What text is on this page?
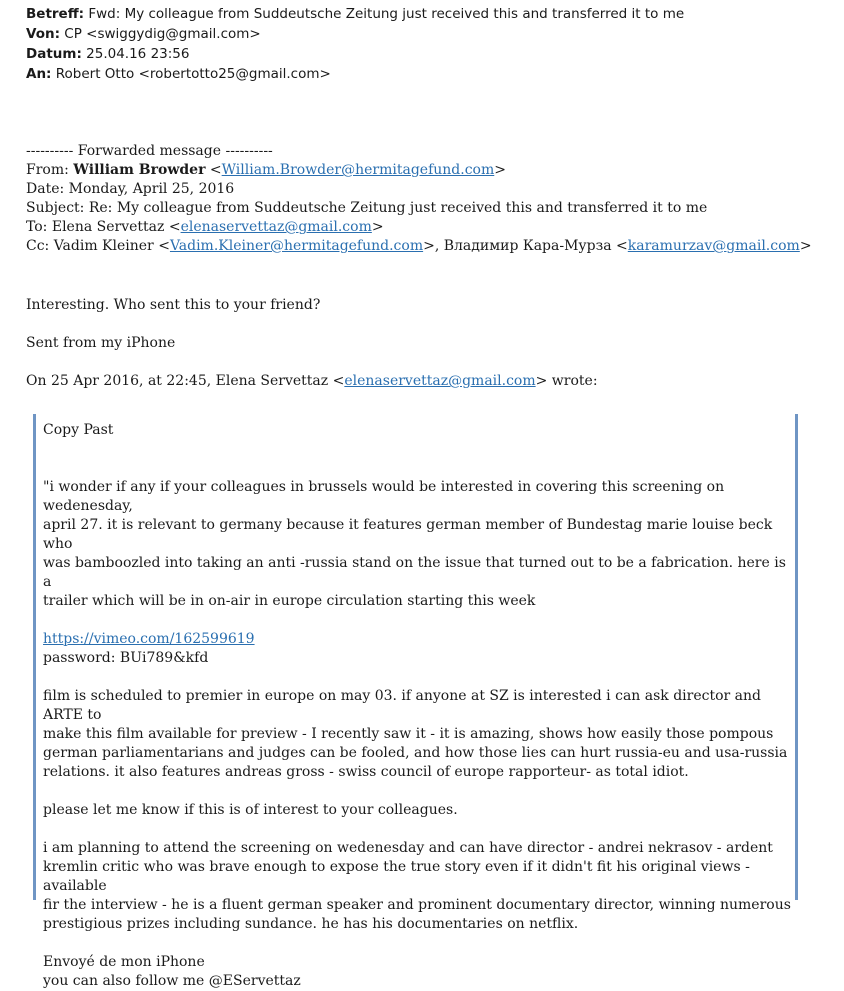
Betreff: Fwd: My colleague from Suddeutsche Zeitung just received this and transferred it to me
Von: CP <swiggydig@gmail.com>
Datum: 25.04.16 23:56
An: Robert Otto <robertotto25@gmail.com>
---------- Forwarded message ----------
From: William Browder <William.Browder@hermitagefund.com>
Date: Monday, April 25, 2016
Subject: Re: My colleague from Suddeutsche Zeitung just received this and transferred it to me
To: Elena Servettaz <elenaservettaz@gmail.com>
Cc: Vadim Kleiner <Vadim.Kleiner@hermitagefund.com>, Владимир Кара-Мурза <karamurzav@gmail.com>
Interesting. Who sent this to your friend?
Sent from my iPhone
On 25 Apr 2016, at 22:45, Elena Servettaz <elenaservettaz@gmail.com> wrote:
Copy Past
"i wonder if any if your colleagues in brussels would be interested in covering this screening on wedenesday,
april 27. it is relevant to germany because it features german member of Bundestag marie louise beck who
was bamboozled into taking an anti -russia stand on the issue that turned out to be a fabrication. here is a
trailer which will be in on-air in europe circulation starting this week
https://vimeo.com/162599619
password: BUi789&kfd
film is scheduled to premier in europe on may 03. if anyone at SZ is interested i can ask director and ARTE to
make this film available for preview - I recently saw it - it is amazing, shows how easily those pompous
german parliamentarians and judges can be fooled, and how those lies can hurt russia-eu and usa-russia
relations. it also features andreas gross - swiss council of europe rapporteur- as total idiot.
please let me know if this is of interest to your colleagues.
i am planning to attend the screening on wedenesday and can have director - andrei nekrasov - ardent
kremlin critic who was brave enough to expose the true story even if it didn't fit his original views - available
fir the interview - he is a fluent german speaker and prominent documentary director, winning numerous
prestigious prizes including sundance. he has his documentaries on netflix.
Envoyé de mon iPhone
you can also follow me @EServettaz
